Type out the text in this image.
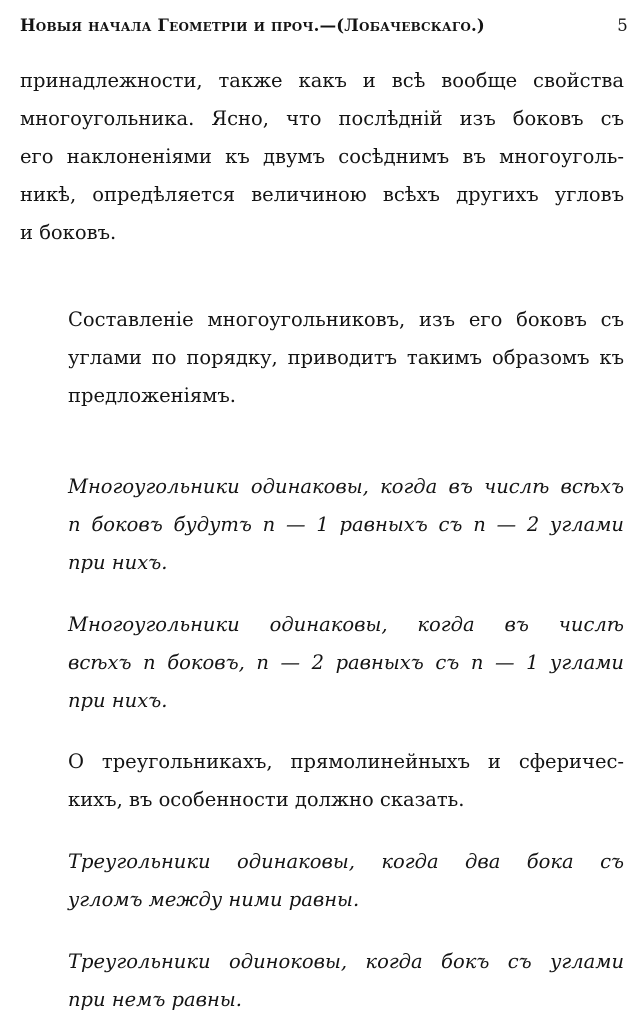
Новыя начала Геометрiи и проч.—(Лобачевскаго.)	5
принадлежности, также какъ и всѣ вообще свойства
многоугольника. Ясно, что послѣднiй изъ боковъ съ
его наклоненiями къ двумъ сосѣднимъ въ многоуголь-
никѣ, опредѣляется величиною всѣхъ другихъ угловъ
и боковъ.
Составленiе многоугольниковъ, изъ его боковъ съ
углами по порядку, приводитъ такимъ образомъ къ
предложенiямъ.
Многоугольники одинаковы, когда въ числѣ всѣхъ
n боковъ будутъ n — 1 равныхъ съ n — 2 углами
при нихъ.
Многоугольники одинаковы, когда въ числѣ
всѣхъ n боковъ, n — 2 равныхъ съ n — 1 углами
при нихъ.
О треугольникахъ, прямолинейныхъ и сферичес-
кихъ, въ особенности должно сказать.
Треугольники одинаковы, когда два бока съ
угломъ между ними равны.
Треугольники одиноковы, когда бокъ съ углами
при немъ равны.
